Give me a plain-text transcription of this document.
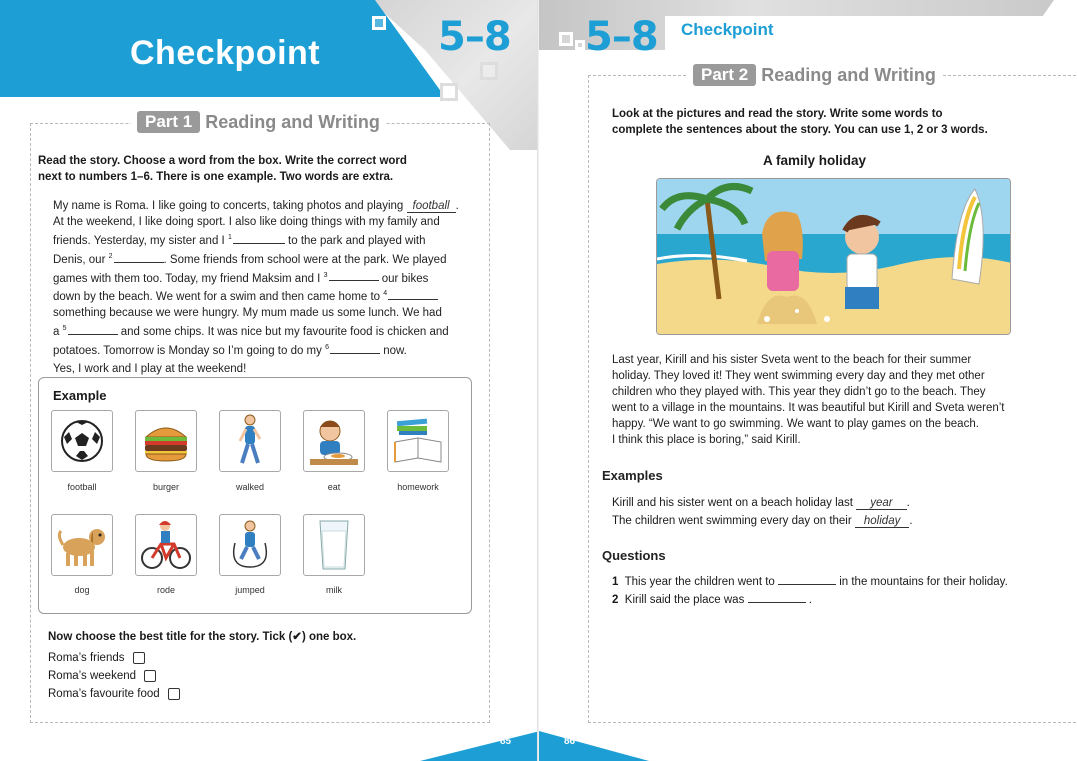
Checkpoint	5–8
Part 1 Reading and Writing
Read the story. Choose a word from the box. Write the correct word
next to numbers 1–6. There is one example. Two words are extra.
My name is Roma. I like going to concerts, taking photos and playing football .
At the weekend, I like doing sport. I also like doing things with my family and
friends. Yesterday, my sister and I $^1$	to the park and played with
Denis, our $^2$	. Some friends from school were at the park. We played
games with them too. Today, my friend Maksim and I $^3$	our bikes
down by the beach. We went for a swim and then came home to $^4$
something because we were hungry. My mum made us some lunch. We had
a $^5$	and some chips. It was nice but my favourite food is chicken and
potatoes. Tomorrow is Monday so I’m going to do my $^6$	now.
Yes, I work and I play at the weekend!
Example
football	burger	walked	eat	homework
dog	rode	jumped	milk
Now choose the best title for the story. Tick (✔) one box.
Roma’s friends
Roma’s weekend
Roma’s favourite food
85
5–8 Checkpoint
Part 2 Reading and Writing
Look at the pictures and read the story. Write some words to
complete the sentences about the story. You can use 1, 2 or 3 words.
A family holiday
Last year, Kirill and his sister Sveta went to the beach for their summer
holiday. They loved it! They went swimming every day and they met other
children who they played with. This year they didn’t go to the beach. They
went to a village in the mountains. It was beautiful but Kirill and Sveta weren’t
happy. “We want to go swimming. We want to play games on the beach.
I think this place is boring,” said Kirill.
Examples
Kirill and his sister went on a beach holiday last year .
The children went swimming every day on their holiday .
Questions
1 This year the children went to	in the mountains for their holiday.
2 Kirill said the place was	.
86
